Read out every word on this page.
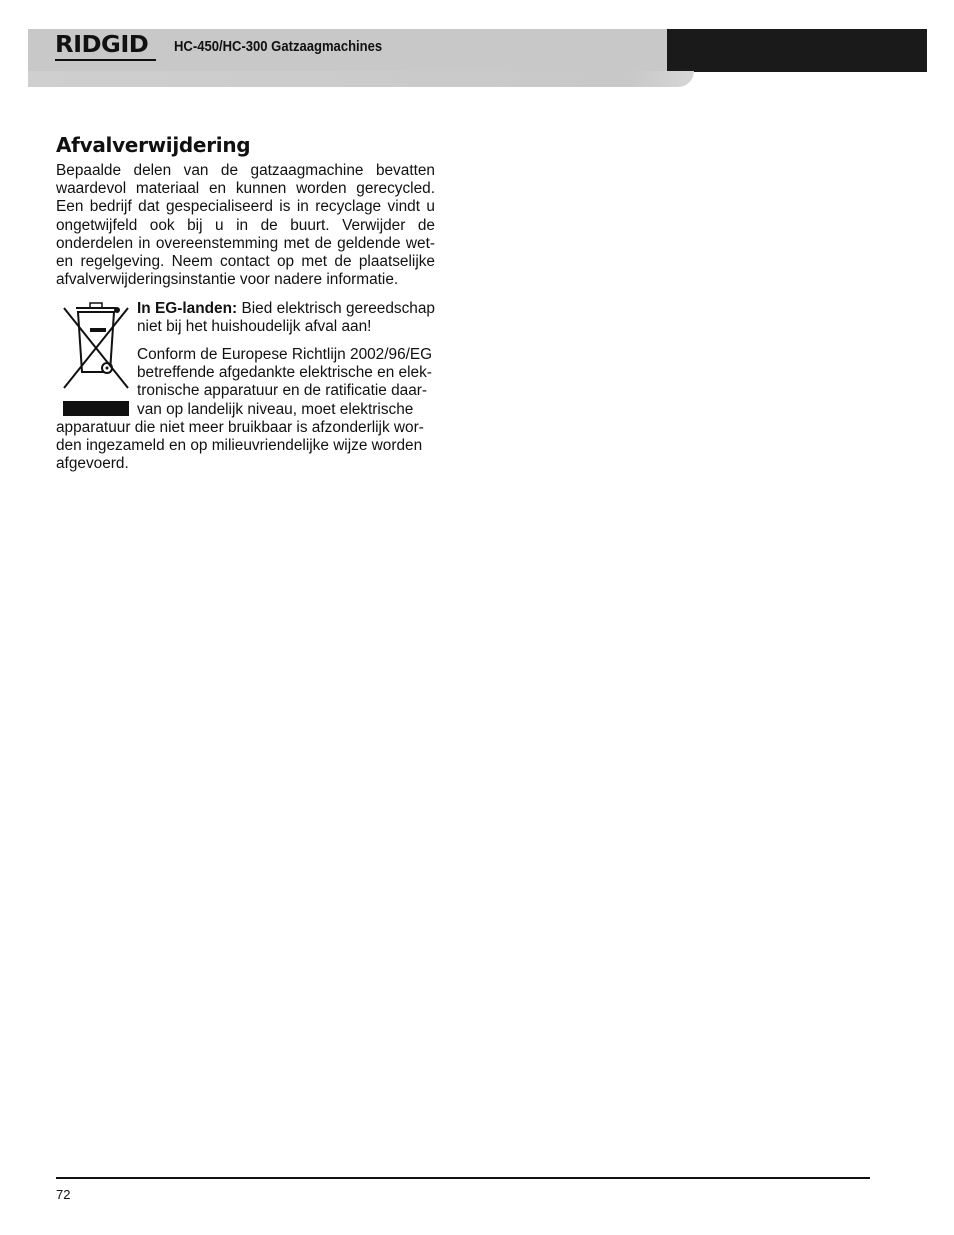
RIDGID HC-450/HC-300 Gatzaagmachines
Afvalverwijdering

Bepaalde delen van de gatzaagmachine bevatten waardevol materiaal en kunnen worden gerecycled. Een bedrijf dat gespecialiseerd is in recyclage vindt u ongetwijfeld ook bij u in de buurt. Verwijder de onderdelen in overeenstemming met de geldende wet- en regelgeving. Neem contact op met de plaatselijke afvalverwijderingsinstantie voor nadere informatie.

In EG-landen: Bied elektrisch gereedschap niet bij het huishoudelijk afval aan!

Conform de Europese Richtlijn 2002/96/EG
betreffende afgedankte elektrische en elek-
tronische apparatuur en de ratificatie daar-
van op landelijk niveau, moet elektrische
apparatuur die niet meer bruikbaar is afzonderlijk wor-
den ingezameld en op milieuvriendelijke wijze worden
afgevoerd.

72
